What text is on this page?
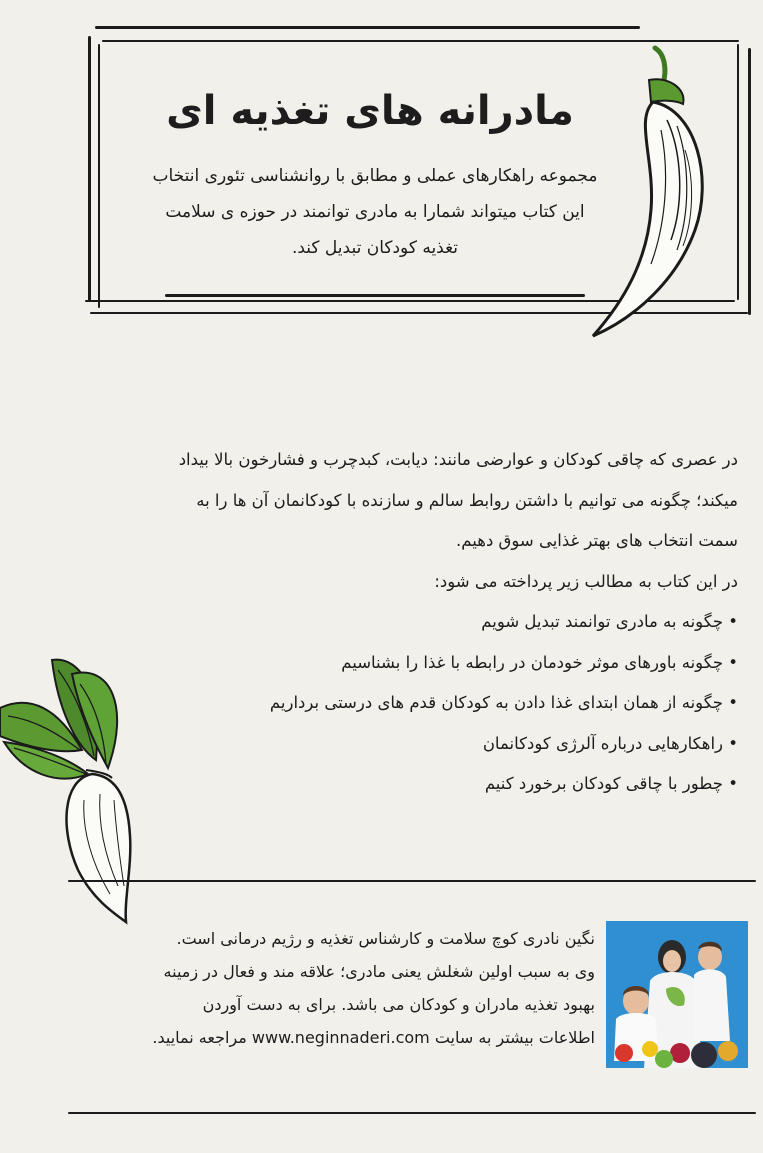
مادرانه های تغذیه ای
مجموعه راهکارهای عملی و مطابق با روانشناسی تئوری انتخاب
این کتاب میتواند شمارا به مادری توانمند در حوزه ی سلامت
تغذیه کودکان تبدیل کند.

در عصری که چاقی کودکان و عوارضی مانند: دیابت، کبدچرب و فشارخون بالا بیداد

میکند؛ چگونه می توانیم با داشتن روابط سالم و سازنده با کودکانمان آن ها را به

سمت انتخاب های بهتر غذایی سوق دهیم.

در این کتاب به مطالب زیر پرداخته می شود:

• چگونه به مادری توانمند تبدیل شویم

• چگونه باورهای موثر خودمان در رابطه با غذا را بشناسیم

• چگونه از همان ابتدای غذا دادن به کودکان قدم های درستی برداریم

• راهکارهایی درباره آلرژی کودکانمان

• چطور با چاقی کودکان برخورد کنیم

نگین نادری کوچ سلامت و کارشناس تغذیه و رژیم درمانی است.

وی به سبب اولین شغلش یعنی مادری؛ علاقه مند و فعال در زمینه

بهبود تغذیه مادران و کودکان می باشد. برای به دست آوردن

اطلاعات بیشتر به سایت www.neginnaderi.com مراجعه نمایید.
